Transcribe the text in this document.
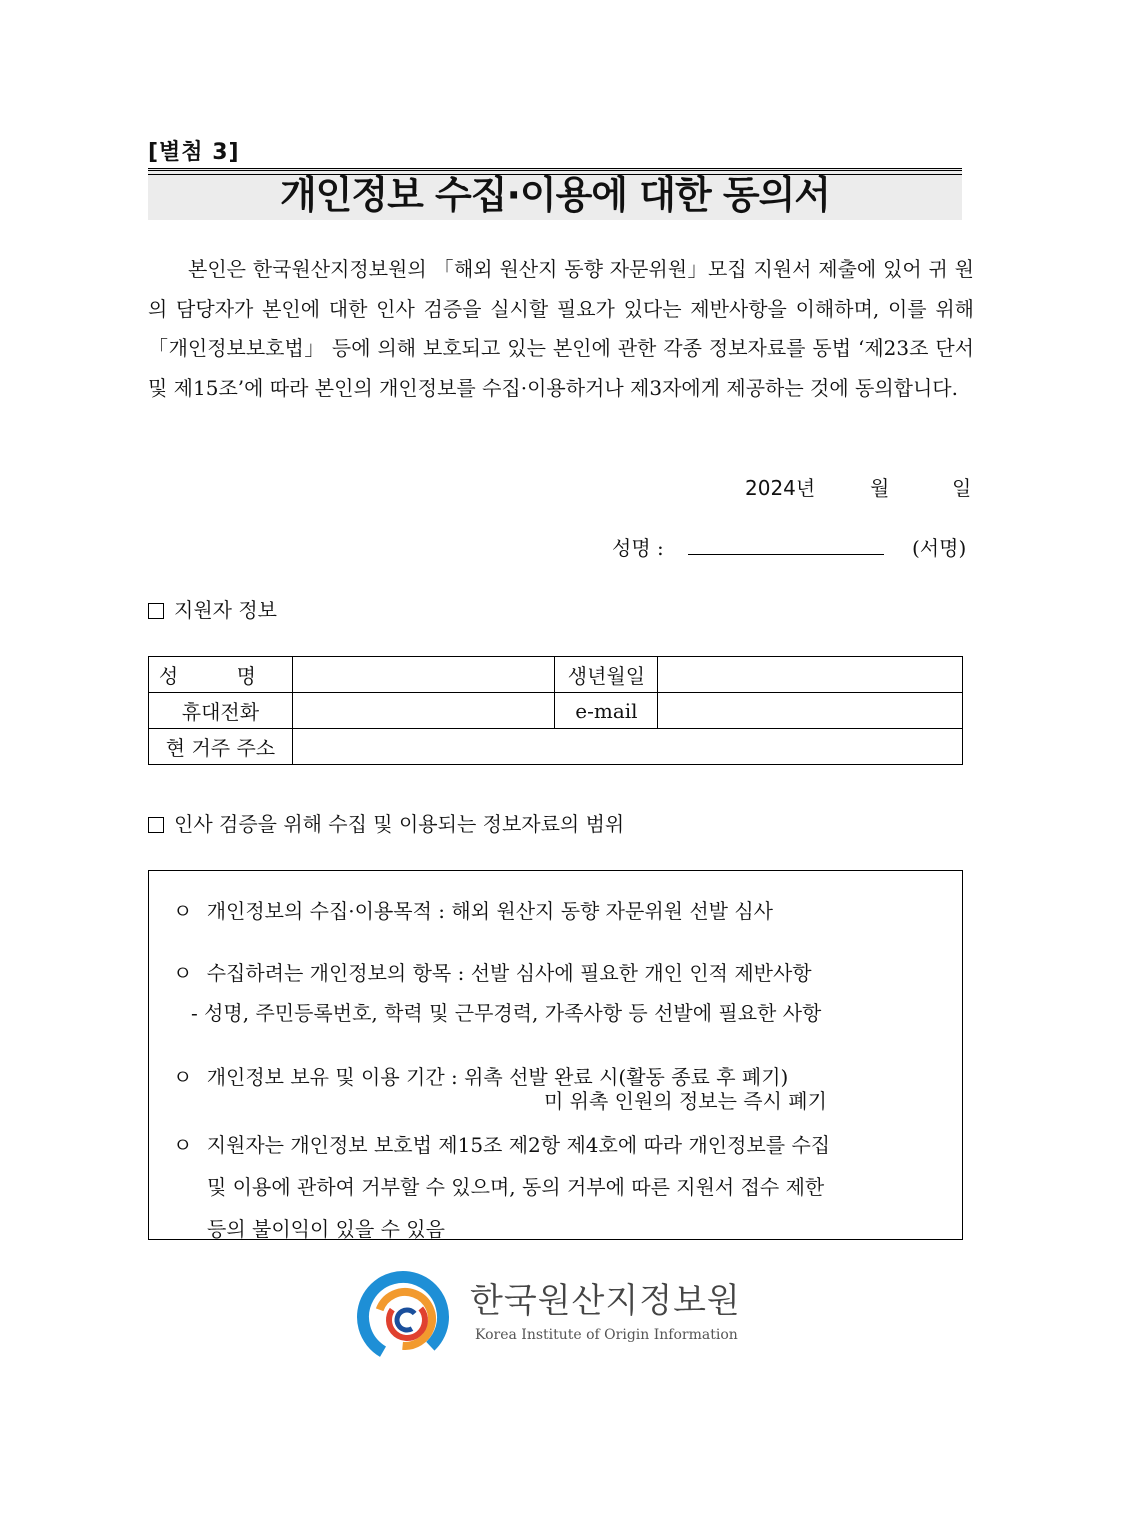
[별첨 3]
개인정보 수집·이용에 대한 동의서

본인은 한국원산지정보원의 「해외 원산지 동향 자문위원」모집 지원서 제출에 있어 귀 원의 담당자가 본인에 대한 인사 검증을 실시할 필요가 있다는 제반사항을 이해하며, 이를 위해 「개인정보보호법」 등에 의해 보호되고 있는 본인에 관한 각종 정보자료를 동법 ‘제23조 단서 및 제15조’에 따라 본인의 개인정보를 수집·이용하거나 제3자에게 제공하는 것에 동의합니다.

2024년	월	일
성명 :	(서명)
지원자 정보
성 명		생년월일	
휴대전화		e-mail	
현 거주 주소			
인사 검증을 위해 수집 및 이용되는 정보자료의 범위
ㅇ 개인정보의 수집·이용목적 : 해외 원산지 동향 자문위원 선발 심사
ㅇ 수집하려는 개인정보의 항목 : 선발 심사에 필요한 개인 인적 제반사항
- 성명, 주민등록번호, 학력 및 근무경력, 가족사항 등 선발에 필요한 사항
ㅇ 개인정보 보유 및 이용 기간 : 위촉 선발 완료 시(활동 종료 후 폐기)
미 위촉 인원의 정보는 즉시 폐기
ㅇ 지원자는 개인정보 보호법 제15조 제2항 제4호에 따라 개인정보를 수집
및 이용에 관하여 거부할 수 있으며, 동의 거부에 따른 지원서 접수 제한
등의 불이익이 있을 수 있음
한국원산지정보원
Korea Institute of Origin Information
